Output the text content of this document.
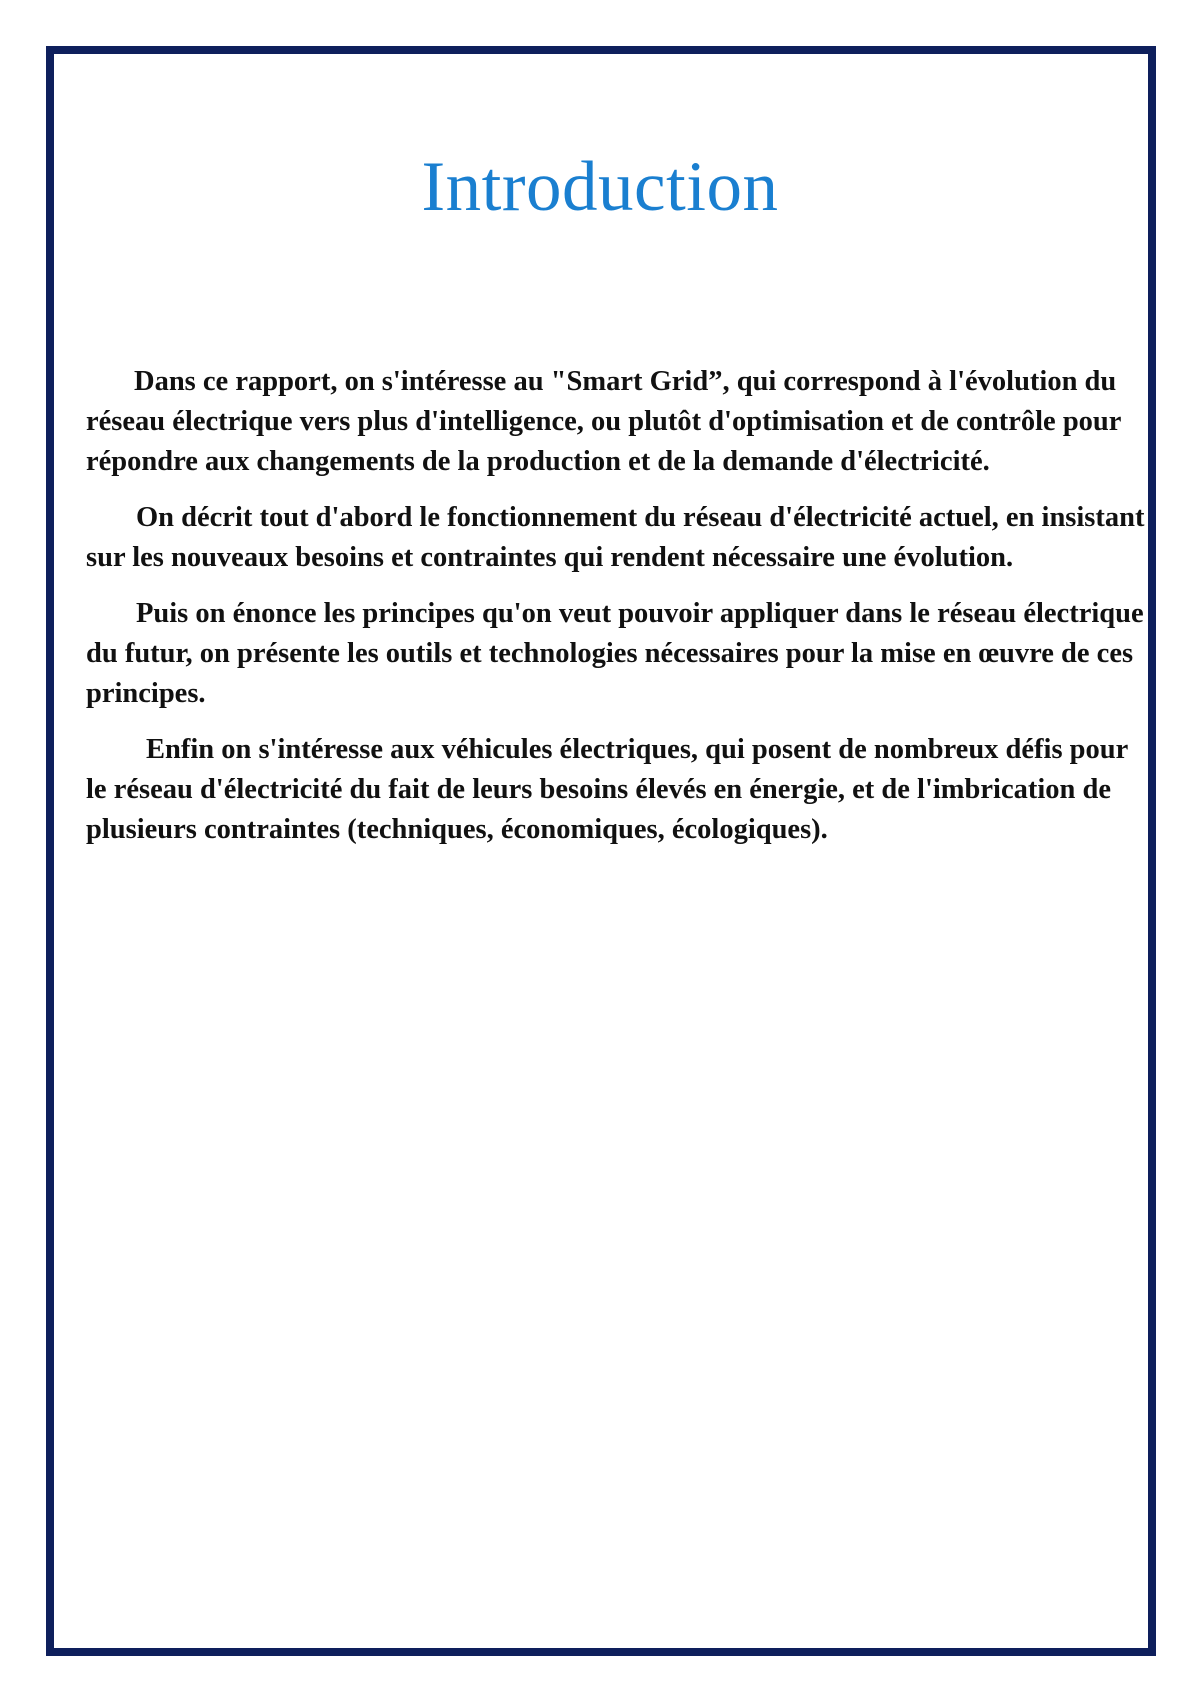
Introduction

Dans ce rapport, on s'intéresse au "Smart Grid”, qui correspond à l'évolution du réseau électrique vers plus d'intelligence, ou plutôt d'optimisation et de contrôle pour répondre aux changements de la production et de la demande d'électricité.

On décrit tout d'abord le fonctionnement du réseau d'électricité actuel, en insistant sur les nouveaux besoins et contraintes qui rendent nécessaire une évolution.

Puis on énonce les principes qu'on veut pouvoir appliquer dans le réseau électrique du futur, on présente les outils et technologies nécessaires pour la mise en œuvre de ces principes.

Enfin on s'intéresse aux véhicules électriques, qui posent de nombreux défis pour le réseau d'électricité du fait de leurs besoins élevés en énergie, et de l'imbrication de plusieurs contraintes (techniques, économiques, écologiques).
